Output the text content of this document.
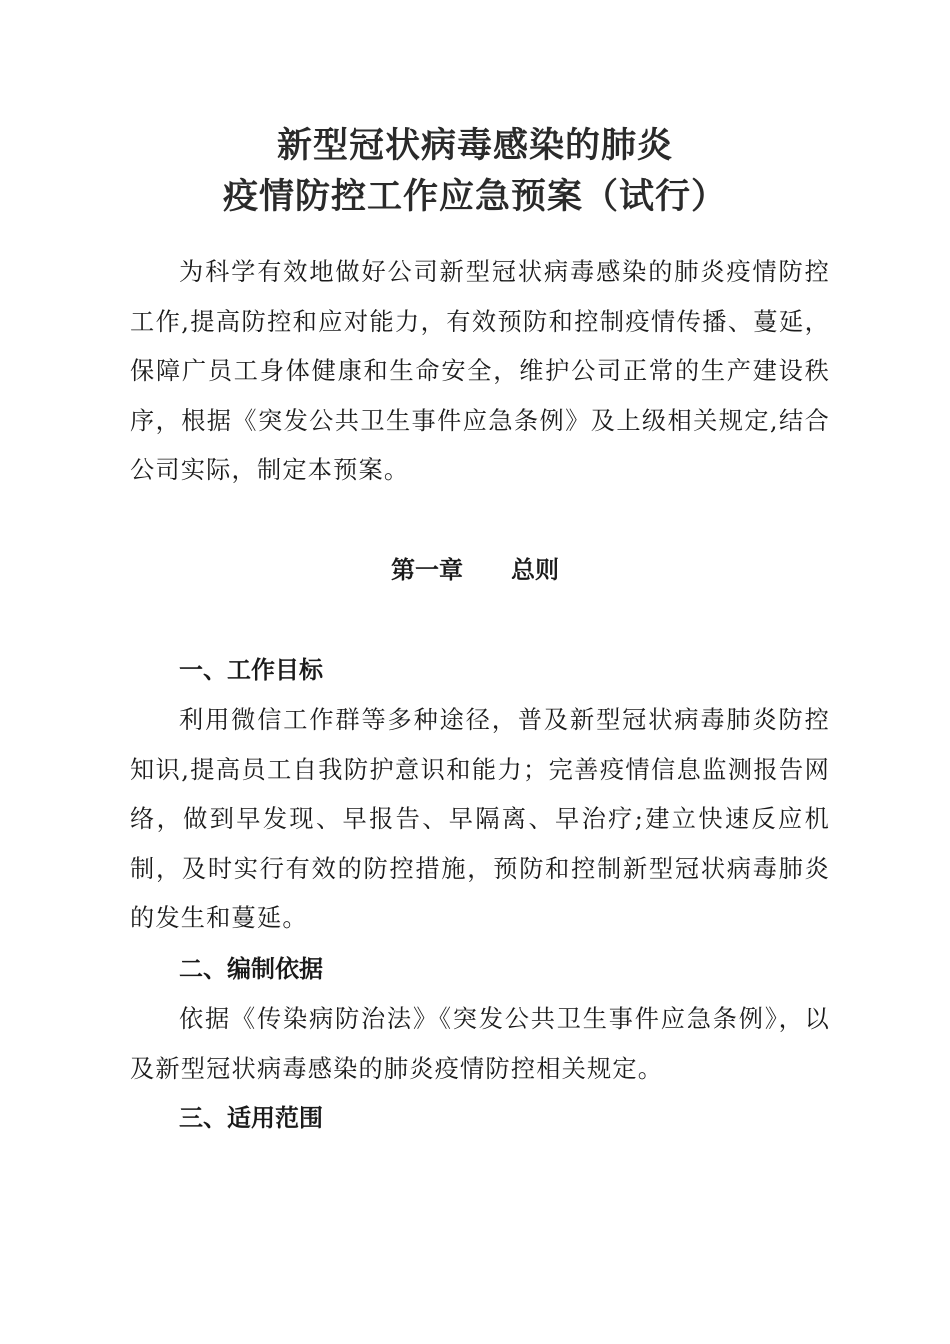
新型冠状病毒感染的肺炎
疫情防控工作应急预案（试行）

为科学有效地做好公司新型冠状病毒感染的肺炎疫情防控工作,提高防控和应对能力，有效预防和控制疫情传播、蔓延，保障广员工身体健康和生命安全，维护公司正常的生产建设秩序，根据《突发公共卫生事件应急条例》及上级相关规定,结合公司实际，制定本预案。

第一章　　总则
一、工作目标

利用微信工作群等多种途径，普及新型冠状病毒肺炎防控知识,提高员工自我防护意识和能力；完善疫情信息监测报告网络，做到早发现、早报告、早隔离、早治疗;建立快速反应机制，及时实行有效的防控措施，预防和控制新型冠状病毒肺炎的发生和蔓延。

二、编制依据

依据《传染病防治法》《突发公共卫生事件应急条例》，以及新型冠状病毒感染的肺炎疫情防控相关规定。

三、适用范围
